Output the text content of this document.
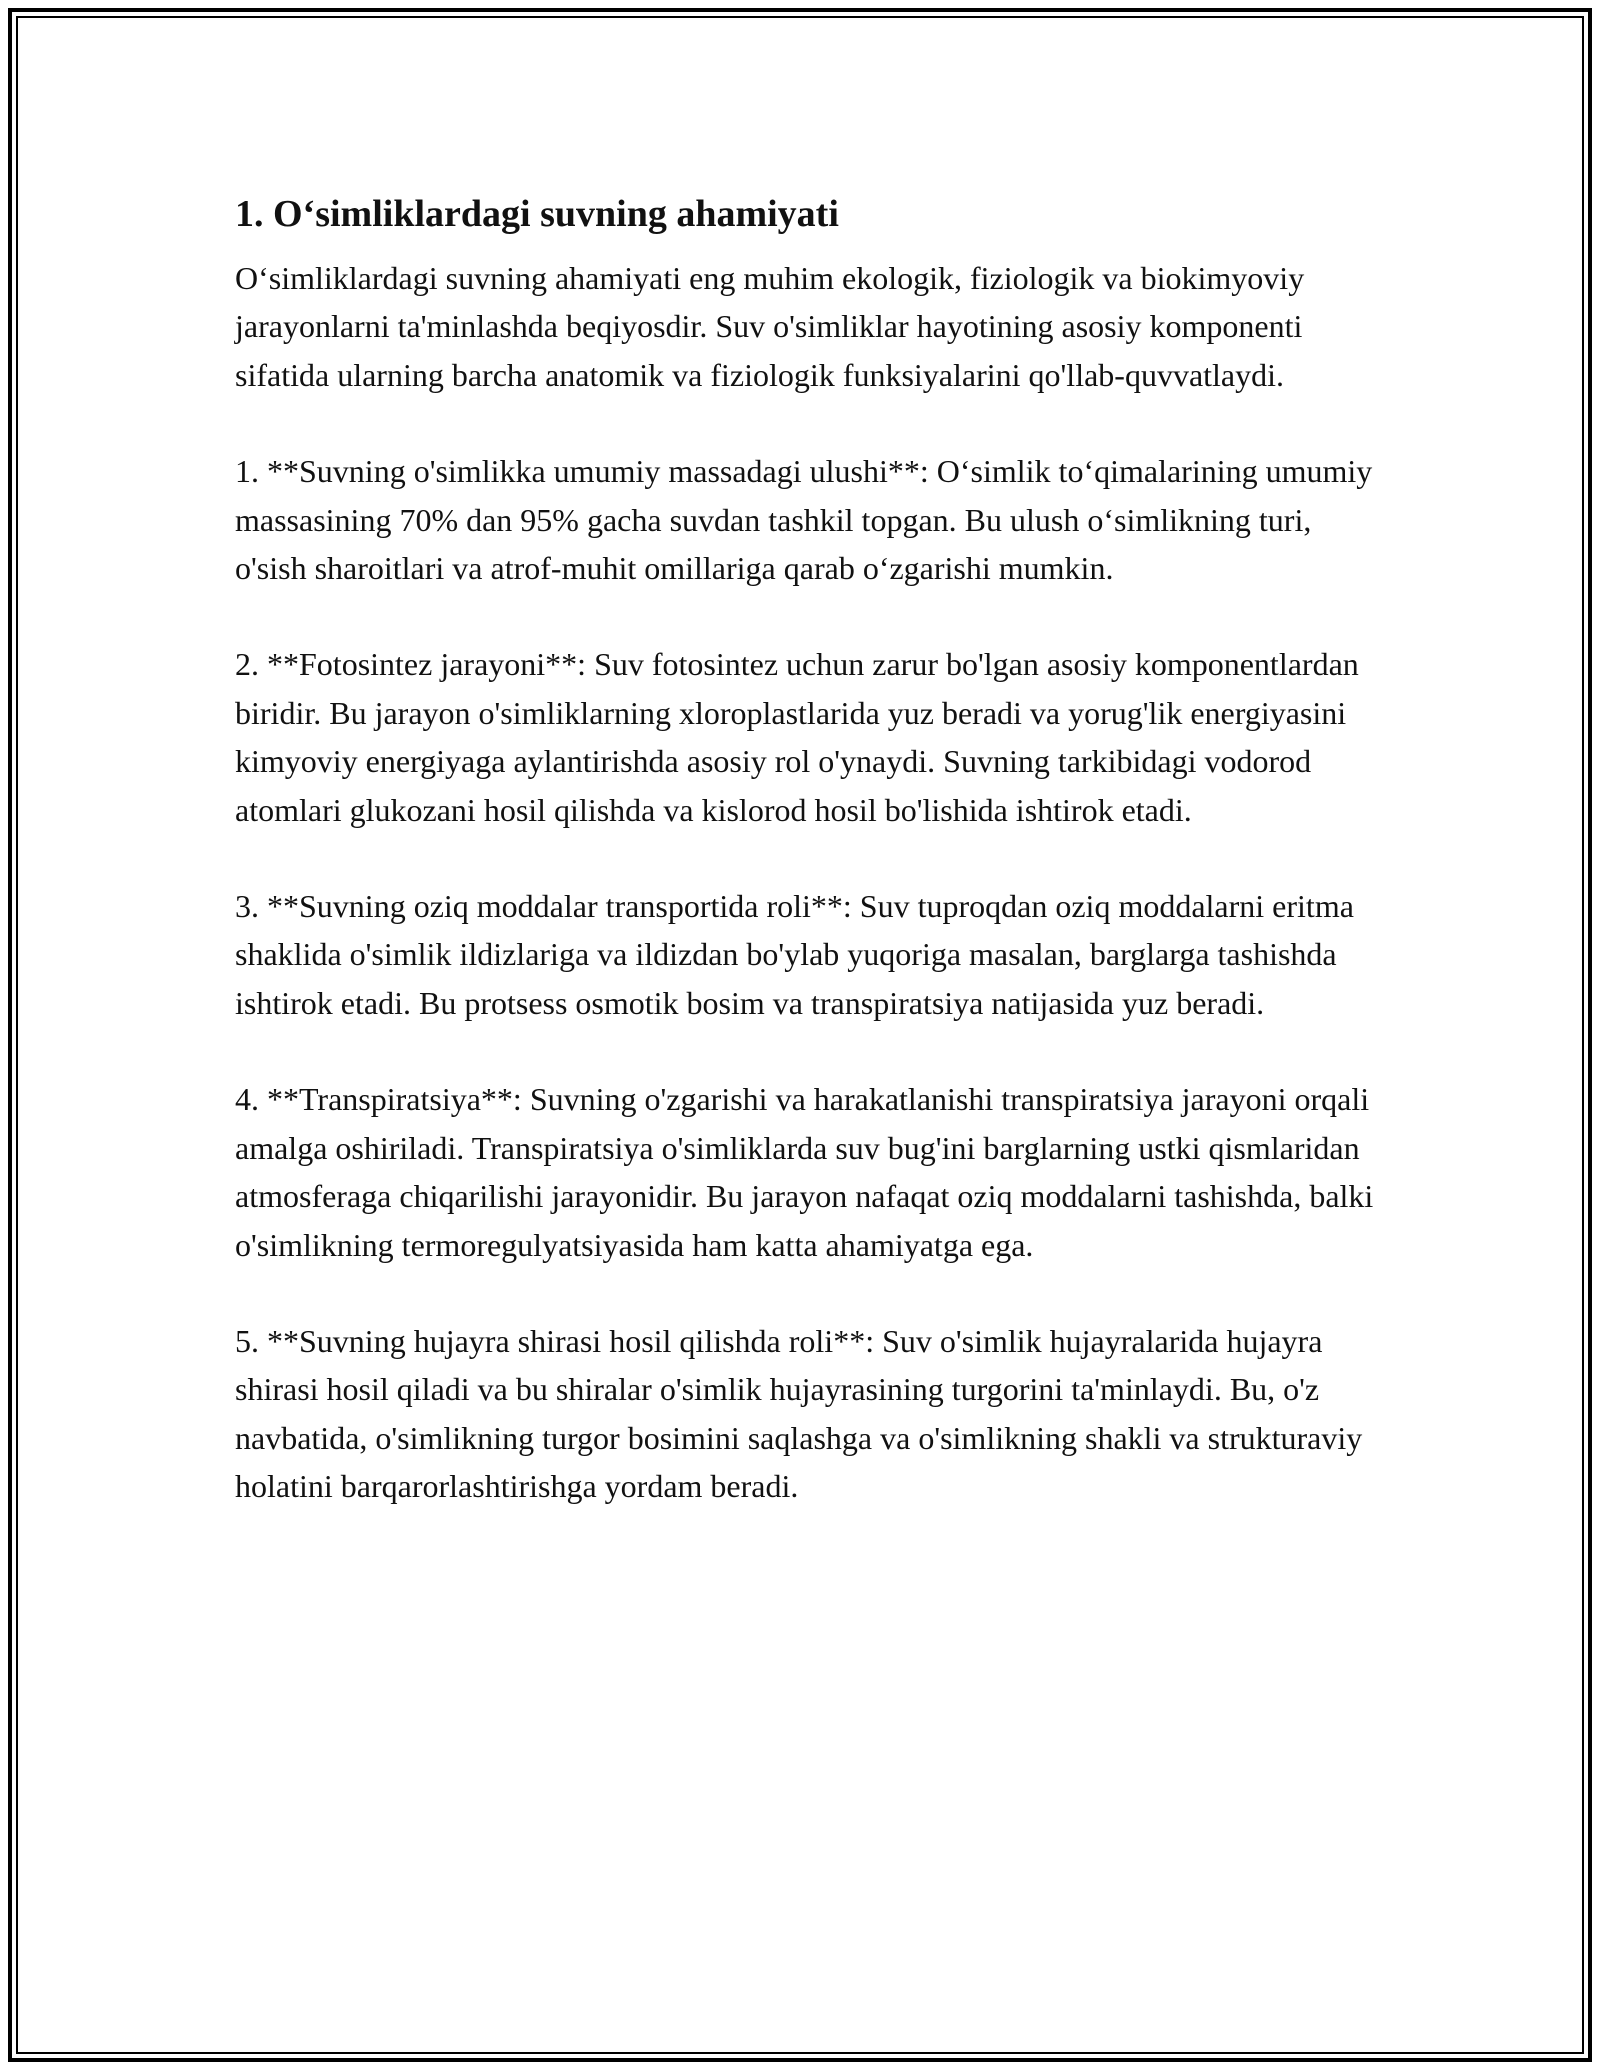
1. Oʻsimliklardagi suvning ahamiyati

Oʻsimliklardagi suvning ahamiyati eng muhim ekologik, fiziologik va biokimyoviy jarayonlarni ta'minlashda beqiyosdir. Suv o'simliklar hayotining asosiy komponenti sifatida ularning barcha anatomik va fiziologik funksiyalarini qo'llab-quvvatlaydi.

1. **Suvning o'simlikka umumiy massadagi ulushi**: Oʻsimlik toʻqimalarining umumiy massasining 70% dan 95% gacha suvdan tashkil topgan. Bu ulush oʻsimlikning turi, o'sish sharoitlari va atrof-muhit omillariga qarab oʻzgarishi mumkin.

2. **Fotosintez jarayoni**: Suv fotosintez uchun zarur bo'lgan asosiy komponentlardan biridir. Bu jarayon o'simliklarning xloroplastlarida yuz beradi va yorug'lik energiyasini kimyoviy energiyaga aylantirishda asosiy rol o'ynaydi. Suvning tarkibidagi vodorod atomlari glukozani hosil qilishda va kislorod hosil bo'lishida ishtirok etadi.

3. **Suvning oziq moddalar transportida roli**: Suv tuproqdan oziq moddalarni eritma shaklida o'simlik ildizlariga va ildizdan bo'ylab yuqoriga masalan, barglarga tashishda ishtirok etadi. Bu protsess osmotik bosim va transpiratsiya natijasida yuz beradi.

4. **Transpiratsiya**: Suvning o'zgarishi va harakatlanishi transpiratsiya jarayoni orqali amalga oshiriladi. Transpiratsiya o'simliklarda suv bug'ini barglarning ustki qismlaridan atmosferaga chiqarilishi jarayonidir. Bu jarayon nafaqat oziq moddalarni tashishda, balki o'simlikning termoregulyatsiyasida ham katta ahamiyatga ega.

5. **Suvning hujayra shirasi hosil qilishda roli**: Suv o'simlik hujayralarida hujayra shirasi hosil qiladi va bu shiralar o'simlik hujayrasining turgorini ta'minlaydi. Bu, o'z navbatida, o'simlikning turgor bosimini saqlashga va o'simlikning shakli va strukturaviy holatini barqarorlashtirishga yordam beradi.
